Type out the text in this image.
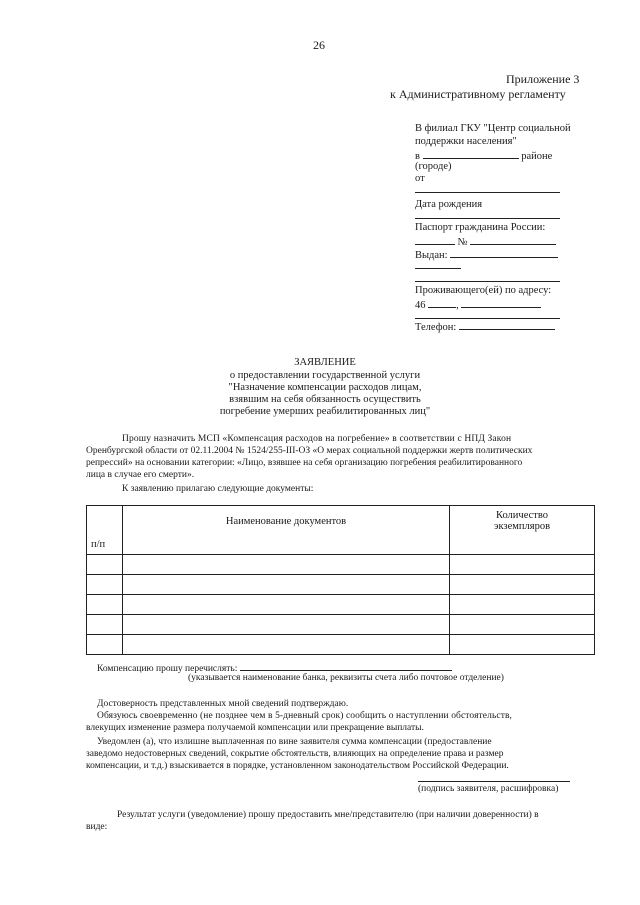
26
Приложение 3
к Административному регламенту
В филиал ГКУ "Центр социальной
поддержки населения"
в	районе
(городе)
от
Дата рождения
Паспорт гражданина России:
№
Выдан:
Проживающего(ей) по адресу:
46	,
Телефон:
ЗАЯВЛЕНИЕ
о предоставлении государственной услуги
"Назначение компенсации расходов лицам,
взявшим на себя обязанность осуществить
погребение умерших реабилитированных лиц"
Прошу назначить МСП «Компенсация расходов на погребение» в соответствии с НПД Закон
Оренбургской области от 02.11.2004 № 1524/255-III-ОЗ «О мерах социальной поддержки жертв политических
репрессий» на основании категории: «Лицо, взявшее на себя организацию погребения реабилитированного
лица в случае его смерти».
К заявлению прилагаю следующие документы:
п/п	Наименование документов	Количество
экземпляров

Компенсацию прошу перечислять:
(указывается наименование банка, реквизиты счета либо почтовое отделение)
Достоверность представленных мной сведений подтверждаю.
Обязуюсь своевременно (не позднее чем в 5-дневный срок) сообщить о наступлении обстоятельств,
влекущих изменение размера получаемой компенсации или прекращение выплаты.
Уведомлен (а), что излишне выплаченная по вине заявителя сумма компенсации (предоставление
заведомо недостоверных сведений, сокрытие обстоятельств, влияющих на определение права и размер
компенсации, и т.д.) взыскивается в порядке, установленном законодательством Российской Федерации.
(подпись заявителя, расшифровка)
Результат услуги (уведомление) прошу предоставить мне/представителю (при наличии доверенности) в
виде:
